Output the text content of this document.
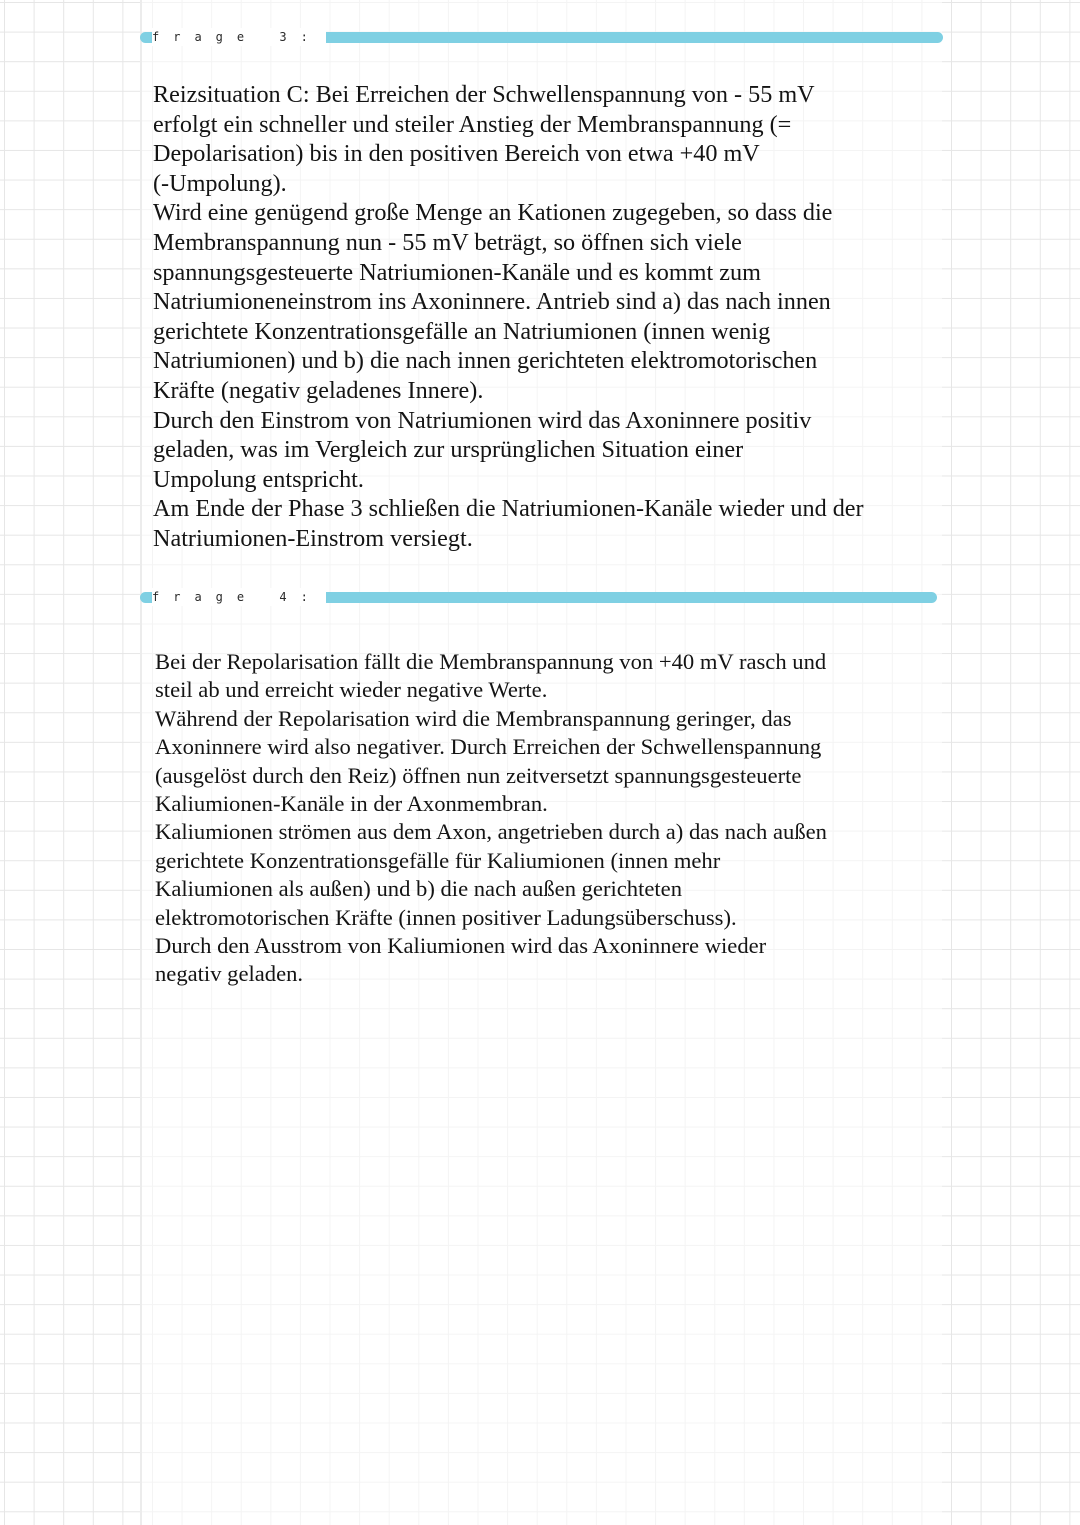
frage 3:

Reizsituation C: Bei Erreichen der Schwellenspannung von - 55 mV
erfolgt ein schneller und steiler Anstieg der Membranspannung (=
Depolarisation) bis in den positiven Bereich von etwa +40 mV
(-Umpolung).
Wird eine genügend große Menge an Kationen zugegeben, so dass die
Membranspannung nun - 55 mV beträgt, so öffnen sich viele
spannungsgesteuerte Natriumionen-Kanäle und es kommt zum
Natriumioneneinstrom ins Axoninnere. Antrieb sind a) das nach innen
gerichtete Konzentrationsgefälle an Natriumionen (innen wenig
Natriumionen) und b) die nach innen gerichteten elektromotorischen
Kräfte (negativ geladenes Innere).
Durch den Einstrom von Natriumionen wird das Axoninnere positiv
geladen, was im Vergleich zur ursprünglichen Situation einer
Umpolung entspricht.
Am Ende der Phase 3 schließen die Natriumionen-Kanäle wieder und der
Natriumionen-Einstrom versiegt.

frage 4:

Bei der Repolarisation fällt die Membranspannung von +40 mV rasch und
steil ab und erreicht wieder negative Werte.
Während der Repolarisation wird die Membranspannung geringer, das
Axoninnere wird also negativer. Durch Erreichen der Schwellenspannung
(ausgelöst durch den Reiz) öffnen nun zeitversetzt spannungsgesteuerte
Kaliumionen-Kanäle in der Axonmembran.
Kaliumionen strömen aus dem Axon, angetrieben durch a) das nach außen
gerichtete Konzentrationsgefälle für Kaliumionen (innen mehr
Kaliumionen als außen) und b) die nach außen gerichteten
elektromotorischen Kräfte (innen positiver Ladungsüberschuss).
Durch den Ausstrom von Kaliumionen wird das Axoninnere wieder
negativ geladen.
